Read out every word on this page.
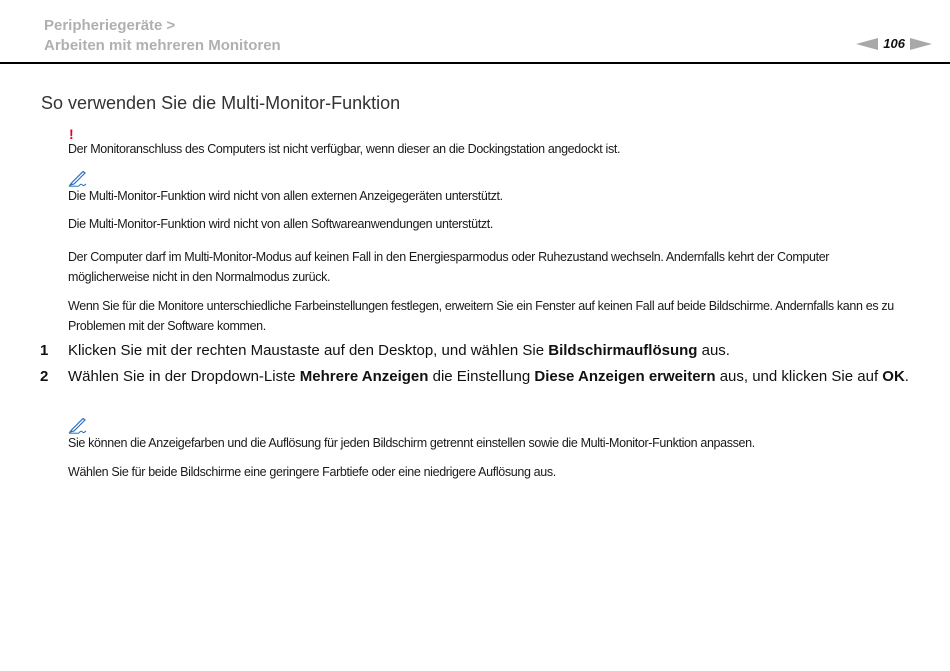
Peripheriegeräte >
Arbeiten mit mehreren Monitoren	106
So verwenden Sie die Multi-Monitor-Funktion
!
Der Monitoranschluss des Computers ist nicht verfügbar, wenn dieser an die Dockingstation angedockt ist.
Die Multi-Monitor-Funktion wird nicht von allen externen Anzeigegeräten unterstützt.
Die Multi-Monitor-Funktion wird nicht von allen Softwareanwendungen unterstützt.
Der Computer darf im Multi-Monitor-Modus auf keinen Fall in den Energiesparmodus oder Ruhezustand wechseln. Andernfalls kehrt der Computer möglicherweise nicht in den Normalmodus zurück.
Wenn Sie für die Monitore unterschiedliche Farbeinstellungen festlegen, erweitern Sie ein Fenster auf keinen Fall auf beide Bildschirme. Andernfalls kann es zu Problemen mit der Software kommen.
1 Klicken Sie mit der rechten Maustaste auf den Desktop, und wählen Sie Bildschirmauflösung aus.
2 Wählen Sie in der Dropdown-Liste Mehrere Anzeigen die Einstellung Diese Anzeigen erweitern aus, und klicken Sie auf OK.
Sie können die Anzeigefarben und die Auflösung für jeden Bildschirm getrennt einstellen sowie die Multi-Monitor-Funktion anpassen.
Wählen Sie für beide Bildschirme eine geringere Farbtiefe oder eine niedrigere Auflösung aus.
